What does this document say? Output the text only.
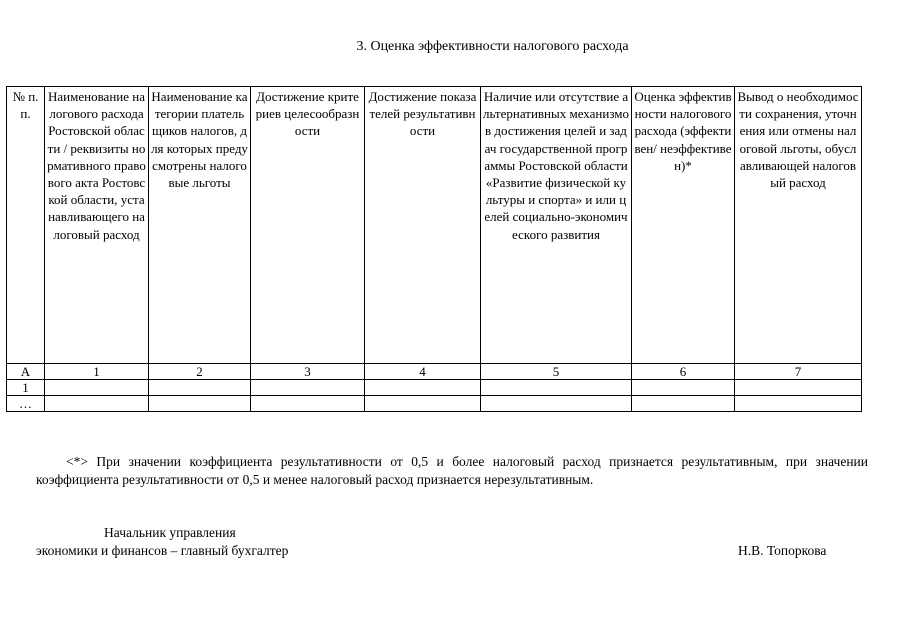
3. Оценка эффективности налогового расхода
№ п.п.	Наименование налогового расхода Ростовской области / реквизиты нормативного правового акта Ростовской области, устанавливающего налоговый расход	Наименование категории плательщиков налогов, для которых предусмотрены налоговые льготы	Достижение критериев целесообразности	Достижение показателей результативности	Наличие или отсутствие альтернативных механизмов достижения целей и задач государственной программы Ростовской области «Развитие физической культуры и спорта» и или целей социально-экономического развития	Оценка эффективности налогового расхода (эффективен/ неэффективен)*	Вывод о необходимости сохранения, уточнения или отмены налоговой льготы, обуславливающей налоговый расход
А	1	2	3	4	5	6	7
1							
…							
<*> При значении коэффициента результативности от 0,5 и более налоговый расход признается результативным, при значении коэффициента результативности от 0,5 и менее налоговый расход признается нерезультативным.
Начальник управления
экономики и финансов – главный бухгалтер	Н.В. Топоркова
